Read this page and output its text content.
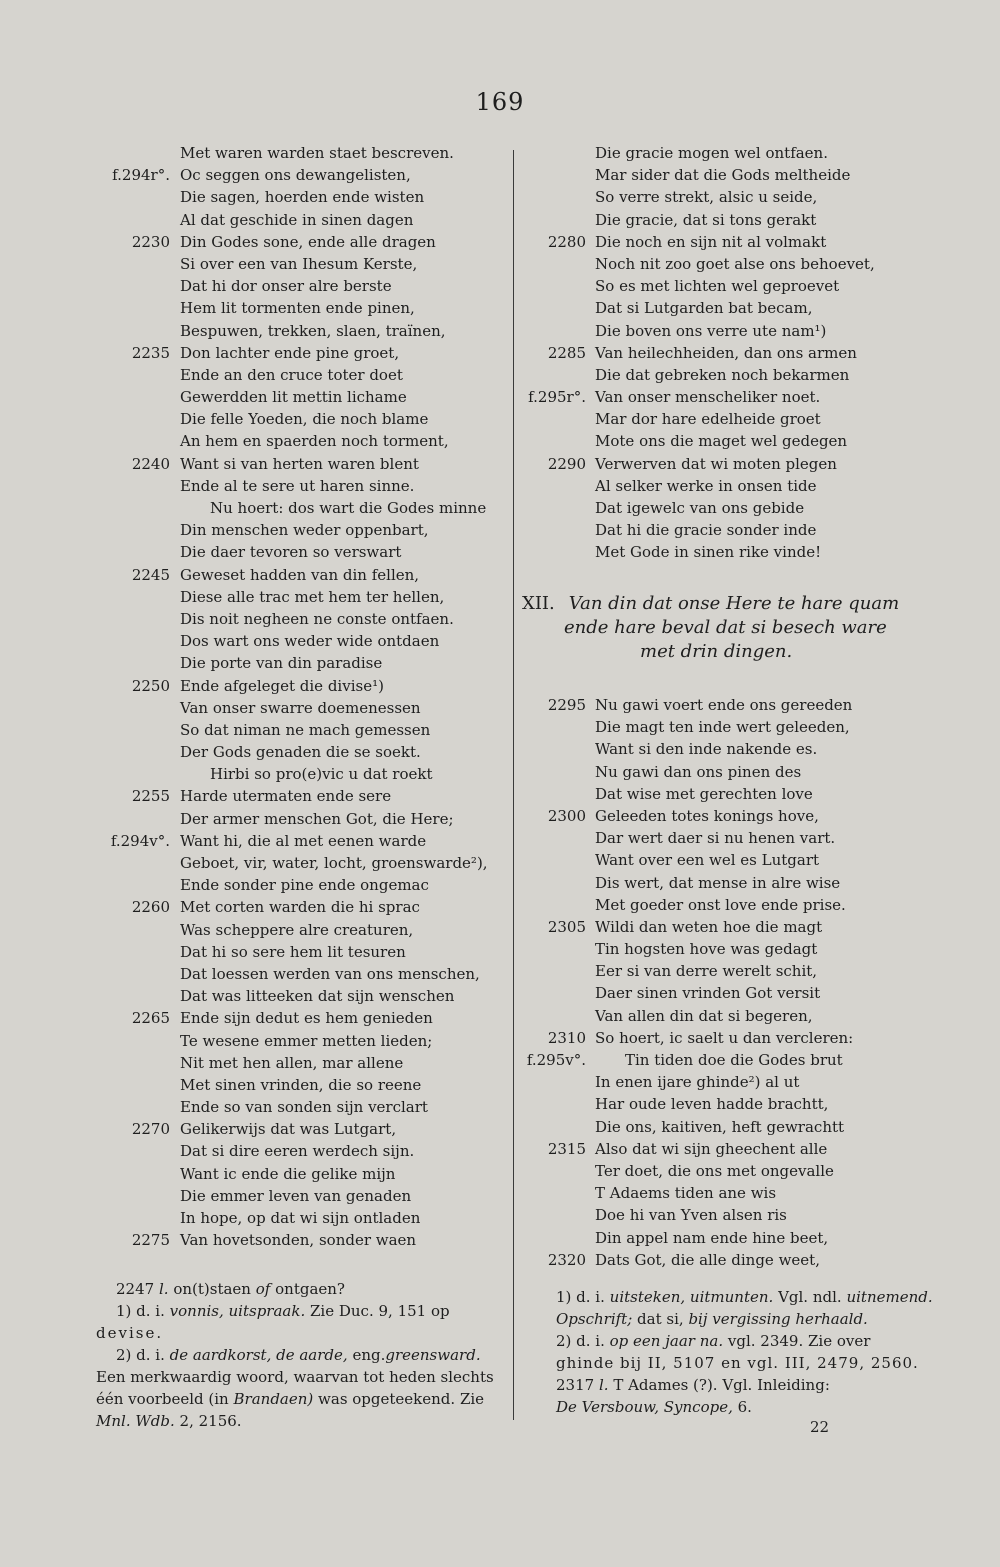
169
Met waren warden staet bescreven.
f.294r°. Oc seggen ons dewangelisten,
Die sagen, hoerden ende wisten
Al dat geschide in sinen dagen
2230 Din Godes sone, ende alle dragen
Si over een van Ihesum Kerste,
Dat hi dor onser alre berste
Hem lit tormenten ende pinen,
Bespuwen, trekken, slaen, traïnen,
2235 Don lachter ende pine groet,
Ende an den cruce toter doet
Gewerdden lit mettin lichame
Die felle Yoeden, die noch blame
An hem en spaerden noch torment,
2240 Want si van herten waren blent
Ende al te sere ut haren sinne.
Nu hoert: dos wart die Godes minne
Din menschen weder oppenbart,
Die daer tevoren so verswart
2245 Geweset hadden van din fellen,
Diese alle trac met hem ter hellen,
Dis noit negheen ne conste ontfaen.
Dos wart ons weder wide ontdaen
Die porte van din paradise
2250 Ende afgeleget die divise¹)
Van onser swarre doemenessen
So dat niman ne mach gemessen
Der Gods genaden die se soekt.
Hirbi so pro(e)vic u dat roekt
2255 Harde utermaten ende sere
Der armer menschen Got, die Here;
f.294v°. Want hi, die al met eenen warde
Geboet, vir, water, locht, groenswarde²),
Ende sonder pine ende ongemac
2260 Met corten warden die hi sprac
Was scheppere alre creaturen,
Dat hi so sere hem lit tesuren
Dat loessen werden van ons menschen,
Dat was litteeken dat sijn wenschen
2265 Ende sijn dedut es hem genieden
Te wesene emmer metten lieden;
Nit met hen allen, mar allene
Met sinen vrinden, die so reene
Ende so van sonden sijn verclart
2270 Gelikerwijs dat was Lutgart,
Dat si dire eeren werdech sijn.
Want ic ende die gelike mijn
Die emmer leven van genaden
In hope, op dat wi sijn ontladen
2275 Van hovetsonden, sonder waen
Die gracie mogen wel ontfaen.
Mar sider dat die Gods meltheide
So verre strekt, alsic u seide,
Die gracie, dat si tons gerakt
2280 Die noch en sijn nit al volmakt
Noch nit zoo goet alse ons behoevet,
So es met lichten wel geproevet
Dat si Lutgarden bat becam,
Die boven ons verre ute nam¹)
2285 Van heilechheiden, dan ons armen
Die dat gebreken noch bekarmen
f.295r°. Van onser menscheliker noet.
Mar dor hare edelheide groet
Mote ons die maget wel gedegen
2290 Verwerven dat wi moten plegen
Al selker werke in onsen tide
Dat igewelc van ons gebide
Dat hi die gracie sonder inde
Met Gode in sinen rike vinde!
XII. Van din dat onse Here te hare quam
ende hare beval dat si besech ware
met drin dingen.
2295 Nu gawi voert ende ons gereeden
Die magt ten inde wert geleeden,
Want si den inde nakende es.
Nu gawi dan ons pinen des
Dat wise met gerechten love
2300 Geleeden totes konings hove,
Dar wert daer si nu henen vart.
Want over een wel es Lutgart
Dis wert, dat mense in alre wise
Met goeder onst love ende prise.
2305 Wildi dan weten hoe die magt
Tin hogsten hove was gedagt
Eer si van derre werelt schit,
Daer sinen vrinden Got versit
Van allen din dat si begeren,
2310 So hoert, ic saelt u dan vercleren:
f.295v°.	Tin tiden doe die Godes brut
In enen ijare ghinde²) al ut
Har oude leven hadde brachtt,
Die ons, kaitiven, heft gewrachtt
2315 Also dat wi sijn gheechent alle
Ter doet, die ons met ongevalle
T Adaems tiden ane wis
Doe hi van Yven alsen ris
Din appel nam ende hine beet,
2320 Dats Got, die alle dinge weet,

2247 l. on(t)staen of ontgaen?

1) d. i. vonnis, uitspraak. Zie Duc. 9, 151 op

devise.

2) d. i. de aardkorst, de aarde, eng.greensward.

Een merkwaardig woord, waarvan tot heden slechts

één voorbeeld (in Brandaen) was opgeteekend. Zie

Mnl. Wdb. 2, 2156.

1) d. i. uitsteken, uitmunten. Vgl. ndl. uitnemend.

Opschrift; dat si, bij vergissing herhaald.

2) d. i. op een jaar na. vgl. 2349. Zie over

ghinde bij II, 5107 en vgl. III, 2479, 2560.

2317 l. T Adames (?). Vgl. Inleiding:

De Versbouw, Syncope, 6.

22
